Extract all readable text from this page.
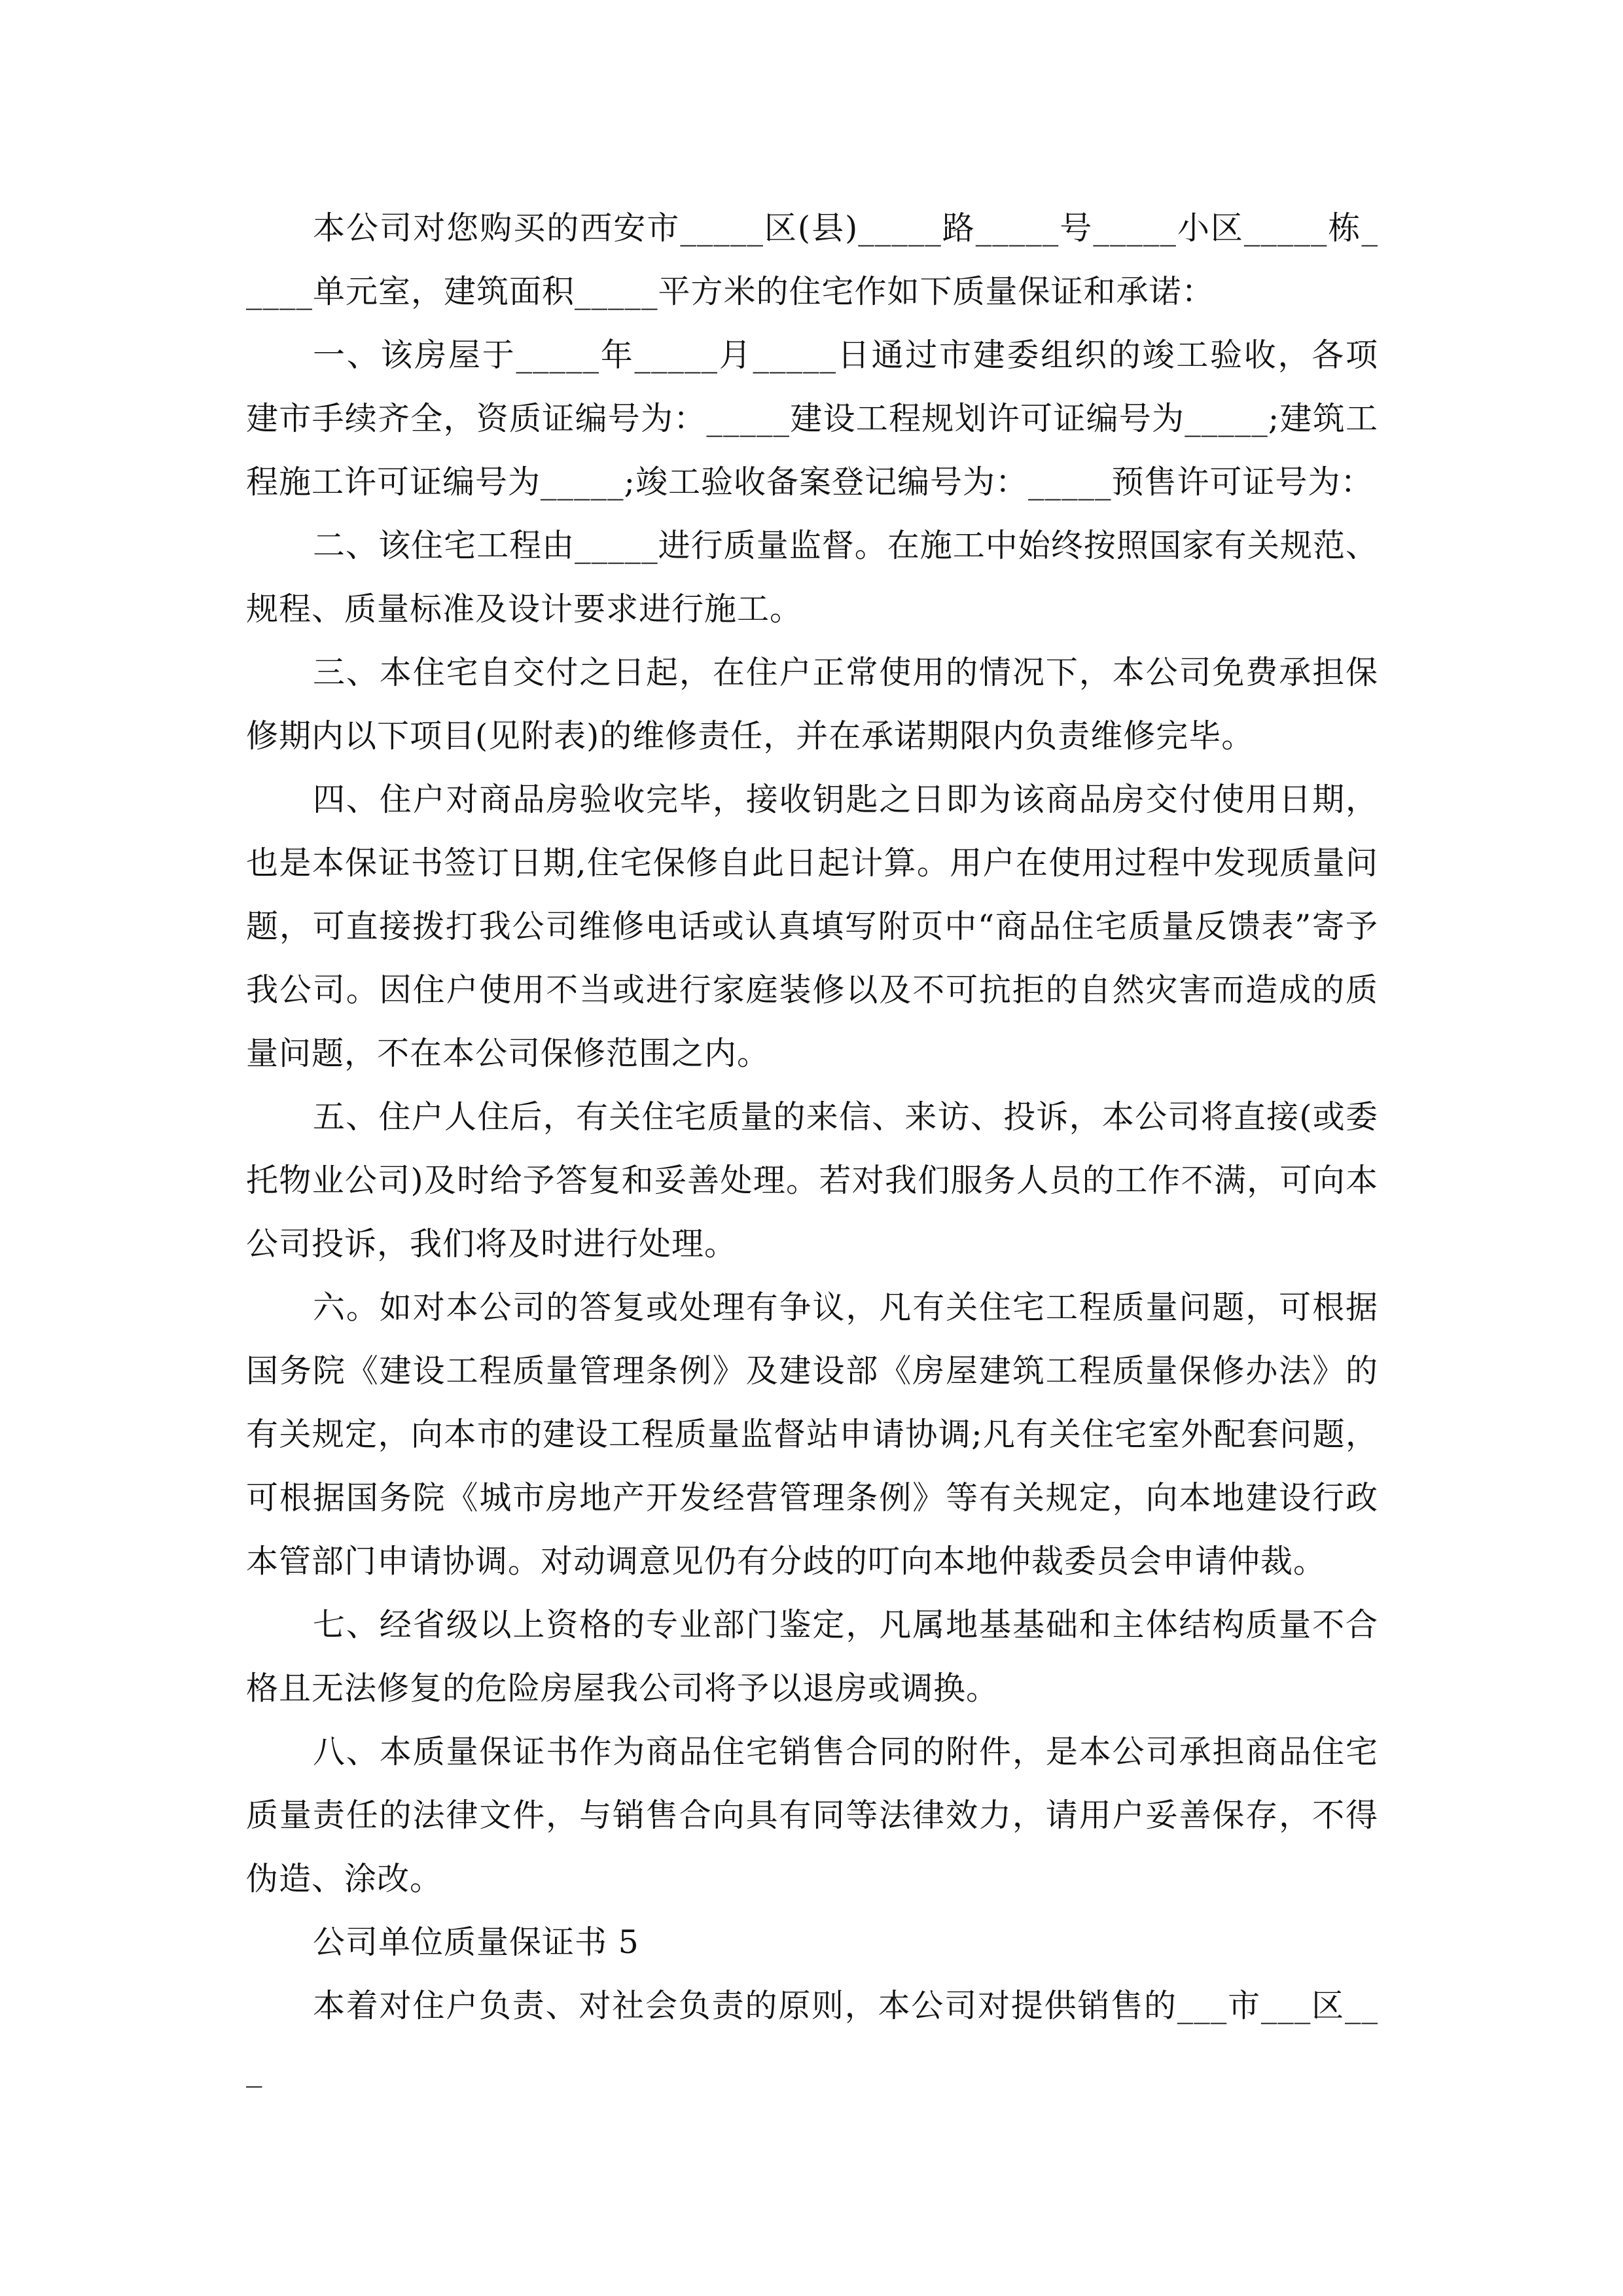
本公司对您购买的西安市_____区(县)_____路_____号_____小区_____栋_____单元室，建筑面积_____平方米的住宅作如下质量保证和承诺：

一、该房屋于_____年_____月_____日通过市建委组织的竣工验收，各项建市手续齐全，资质证编号为：_____建设工程规划许可证编号为_____;建筑工程施工许可证编号为_____;竣工验收备案登记编号为：_____预售许可证号为：

二、该住宅工程由_____进行质量监督。在施工中始终按照国家有关规范、规程、质量标准及设计要求进行施工。

三、本住宅自交付之日起，在住户正常使用的情况下，本公司免费承担保修期内以下项目(见附表)的维修责任，并在承诺期限内负责维修完毕。

四、住户对商品房验收完毕，接收钥匙之日即为该商品房交付使用日期，也是本保证书签订日期,住宅保修自此日起计算。用户在使用过程中发现质量问题，可直接拨打我公司维修电话或认真填写附页中“商品住宅质量反馈表”寄予我公司。因住户使用不当或进行家庭装修以及不可抗拒的自然灾害而造成的质量问题，不在本公司保修范围之内。

五、住户人住后，有关住宅质量的来信、来访、投诉，本公司将直接(或委托物业公司)及时给予答复和妥善处理。若对我们服务人员的工作不满，可向本公司投诉，我们将及时进行处理。

六。如对本公司的答复或处理有争议，凡有关住宅工程质量问题，可根据国务院《建设工程质量管理条例》及建设部《房屋建筑工程质量保修办法》的有关规定，向本市的建设工程质量监督站申请协调;凡有关住宅室外配套问题，可根据国务院《城市房地产开发经营管理条例》等有关规定，向本地建设行政本管部门申请协调。对动调意见仍有分歧的叮向本地仲裁委员会申请仲裁。

七、经省级以上资格的专业部门鉴定，凡属地基基础和主体结构质量不合格且无法修复的危险房屋我公司将予以退房或调换。

八、本质量保证书作为商品住宅销售合同的附件，是本公司承担商品住宅质量责任的法律文件，与销售合向具有同等法律效力，请用户妥善保存，不得伪造、涂改。

公司单位质量保证书 5

本着对住户负责、对社会负责的原则，本公司对提供销售的___市___区___
